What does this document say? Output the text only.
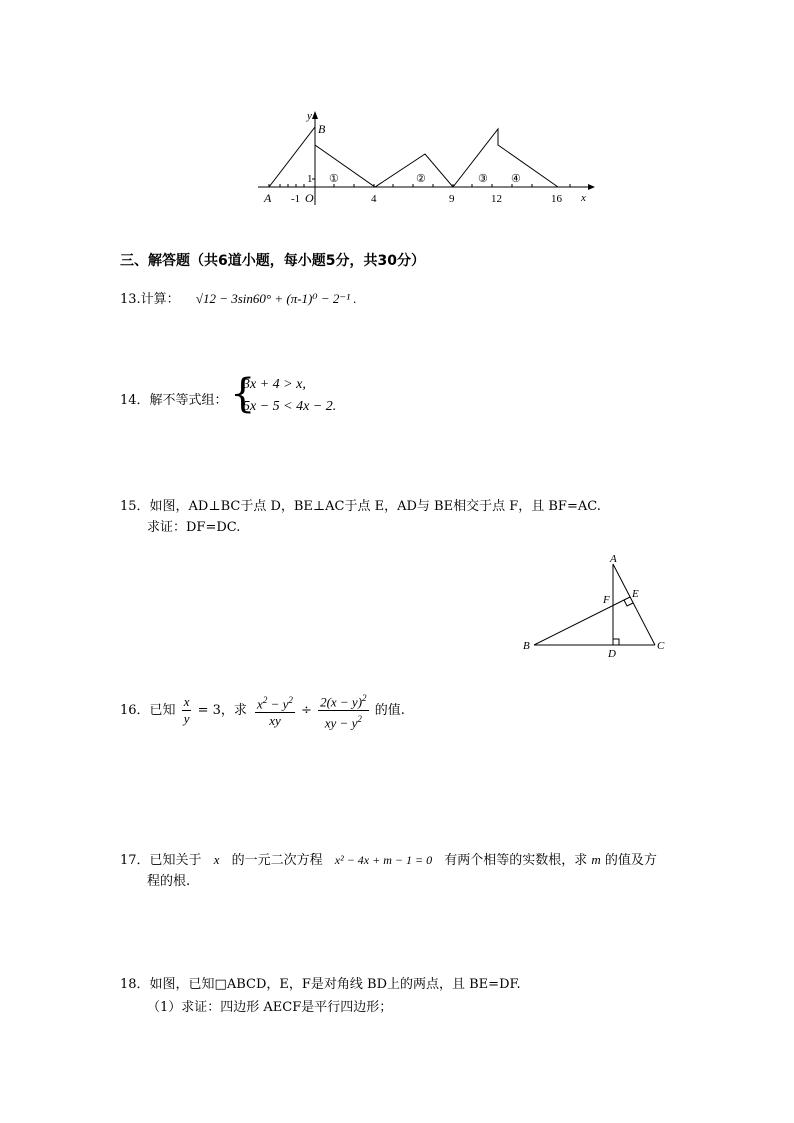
y
B
1 ①	②	③ ④
A -1 O	4	9	12	16 x
三、解答题（共6道小题，每小题5分，共30分）
13.计算： √12 − 3sin60° + (π-1)⁰ − 2⁻¹ .
14．解不等式组： {
3x + 4 > x,
5x − 5 < 4x − 2.
15．如图，AD⊥BC于点 D，BE⊥AC于点 E，AD与 BE相交于点 F，且 BF=AC.
求证：DF=DC.
A
E
F
B
D
C
16．已知 $\frac{x}{y} = 3$，求 $\frac{x^2 - y^2}{xy} \div \frac{2(x - y)^2}{xy - y^2}$ 的值.
17．已知关于 x 的一元二次方程 x² − 4x + m − 1 = 0 有两个相等的实数根，求 m 的值及方
程的根.
18．如图，已知□ABCD，E，F是对角线 BD上的两点，且 BE=DF.
（1）求证：四边形 AECF是平行四边形；
